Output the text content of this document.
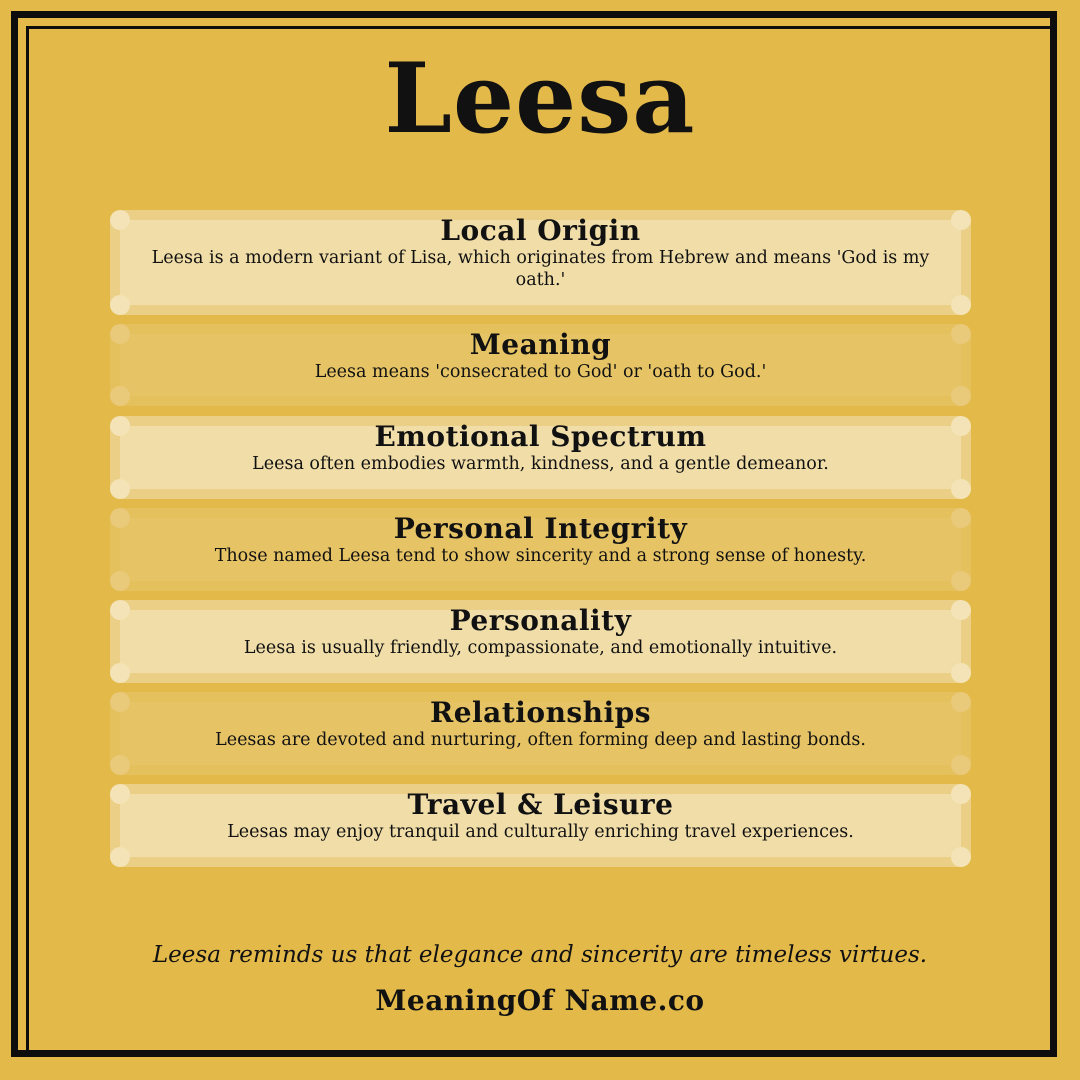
Leesa
Local Origin

Leesa is a modern variant of Lisa, which originates from Hebrew and means 'God is my oath.'

Meaning

Leesa means 'consecrated to God' or 'oath to God.'

Emotional Spectrum

Leesa often embodies warmth, kindness, and a gentle demeanor.

Personal Integrity

Those named Leesa tend to show sincerity and a strong sense of honesty.

Personality

Leesa is usually friendly, compassionate, and emotionally intuitive.

Relationships

Leesas are devoted and nurturing, often forming deep and lasting bonds.

Travel & Leisure

Leesas may enjoy tranquil and culturally enriching travel experiences.

Leesa reminds us that elegance and sincerity are timeless virtues.
MeaningOf Name.co
